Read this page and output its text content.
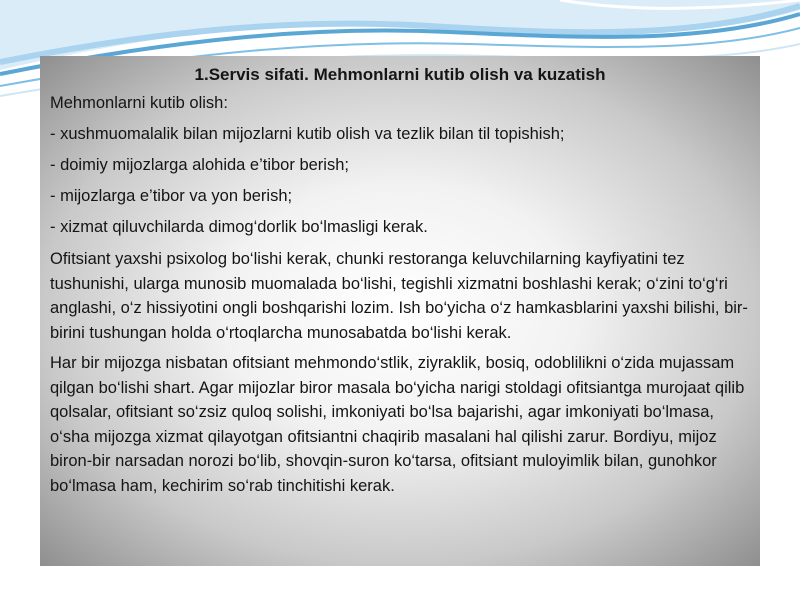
1.Servis sifati. Mehmonlarni kutib olish va kuzatish
Mehmonlarni kutib olish:
- xushmuomalalik bilan mijozlarni kutib olish va tezlik bilan til topishish;
- doimiy mijozlarga alohida e’tibor berish;
- mijozlarga e’tibor va yon berish;
- xizmat qiluvchilarda dimog‘dorlik bo‘lmasligi kerak.
Ofitsiant yaxshi psixolog bo‘lishi kerak, chunki restoranga keluvchilarning kayfiyatini tez tushunishi, ularga munosib muomalada bo‘lishi, tegishli xizmatni boshlashi kerak; o‘zini to‘g‘ri anglashi, o‘z hissiyotini ongli boshqarishi lozim. Ish bo‘yicha o‘z hamkasblarini yaxshi bilishi, bir-birini tushungan holda o‘rtoqlarcha munosabatda bo‘lishi kerak.
Har bir mijozga nisbatan ofitsiant mehmondo‘stlik, ziyraklik, bosiq, odoblilikni o‘zida mujassam qilgan bo‘lishi shart. Agar mijozlar biror masala bo‘yicha narigi stoldagi ofitsiantga murojaat qilib qolsalar, ofitsiant so‘zsiz quloq solishi, imkoniyati bo‘lsa bajarishi, agar imkoniyati bo‘lmasa, o‘sha mijozga xizmat qilayotgan ofitsiantni chaqirib masalani hal qilishi zarur. Bordiyu, mijoz biron-bir narsadan norozi bo‘lib, shovqin-suron ko‘tarsa, ofitsiant muloyimlik bilan, gunohkor bo‘lmasa ham, kechirim so‘rab tinchitishi kerak.
